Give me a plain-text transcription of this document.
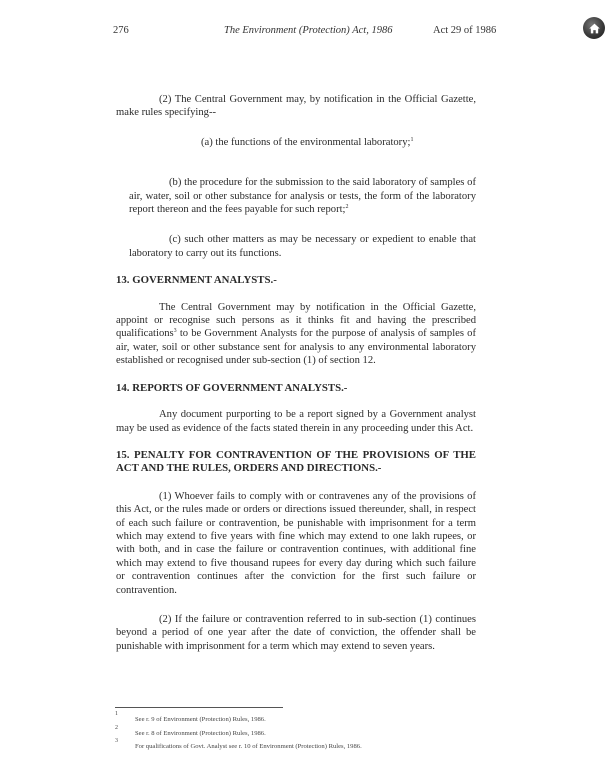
276	The Environment (Protection) Act, 1986	Act 29 of 1986

(2) The Central Government may, by notification in the Official Gazette, make rules specifying--

(a) the functions of the environmental laboratory;$^1$

(b) the procedure for the submission to the said laboratory of samples of air, water, soil or other substance for analysis or tests, the form of the laboratory report thereon and the fees payable for such report;$^2$

(c) such other matters as may be necessary or expedient to enable that laboratory to carry out its functions.

13. GOVERNMENT ANALYSTS.-

The Central Government may by notification in the Official Gazette, appoint or recognise such persons as it thinks fit and having the prescribed qualifications$^3$ to be Government Analysts for the purpose of analysis of samples of air, water, soil or other substance sent for analysis to any environmental laboratory established or recognised under sub-section (1) of section 12.

14. REPORTS OF GOVERNMENT ANALYSTS.-

Any document purporting to be a report signed by a Government analyst may be used as evidence of the facts stated therein in any proceeding under this Act.

15. PENALTY FOR CONTRAVENTION OF THE PROVISIONS OF THE ACT AND THE RULES, ORDERS AND DIRECTIONS.-

(1) Whoever fails to comply with or contravenes any of the provisions of this Act, or the rules made or orders or directions issued thereunder, shall, in respect of each such failure or contravention, be punishable with imprisonment for a term which may extend to five years with fine which may extend to one lakh rupees, or with both, and in case the failure or contravention continues, with additional fine which may extend to five thousand rupees for every day during which such failure or contravention continues after the conviction for the first such failure or contravention.

(2) If the failure or contravention referred to in sub-section (1) continues beyond a period of one year after the date of conviction, the offender shall be punishable with imprisonment for a term which may extend to seven years.

1
See r. 9 of Environment (Protection) Rules, 1986.
2
See r. 8 of Environment (Protection) Rules, 1986.
3
For qualifications of Govt. Analyst see r. 10 of Environment (Protection) Rules, 1986.
